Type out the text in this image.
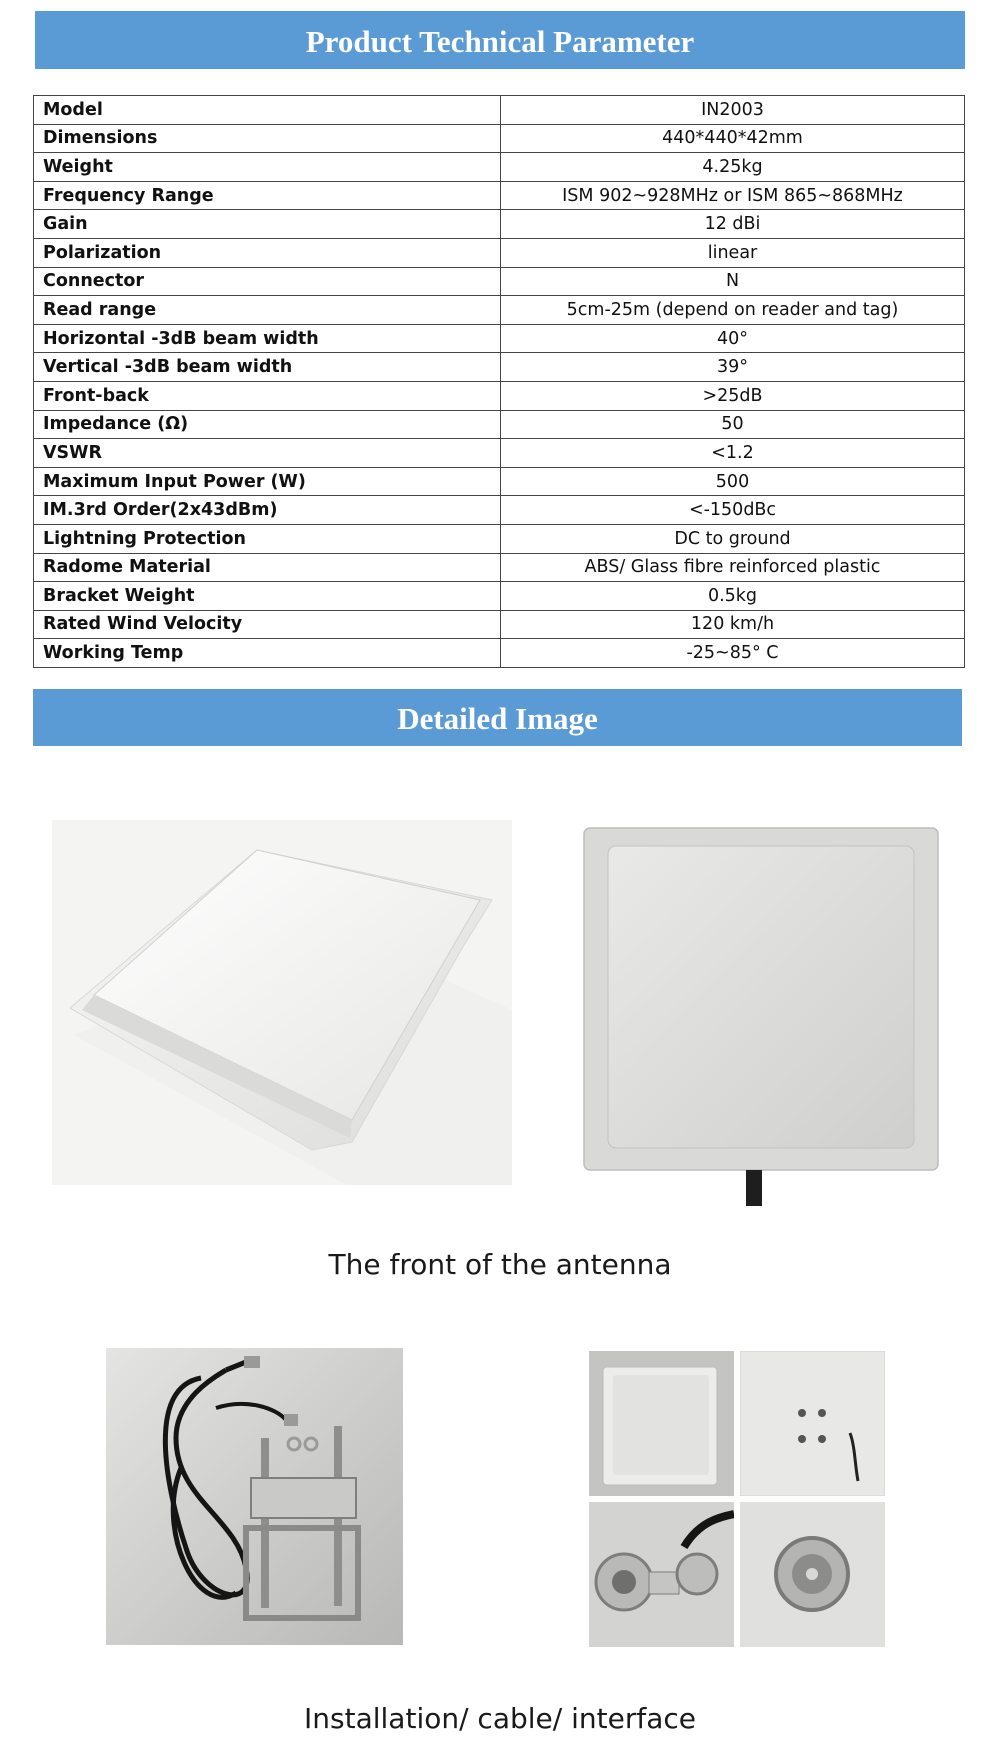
Product Technical Parameter
Model	IN2003
Dimensions	440*440*42mm
Weight	4.25kg
Frequency Range	ISM 902~928MHz or ISM 865~868MHz
Gain	12 dBi
Polarization	linear
Connector	N
Read range	5cm-25m (depend on reader and tag)
Horizontal -3dB beam width	40°
Vertical -3dB beam width	39°
Front-back	>25dB
Impedance (Ω)	50
VSWR	<1.2
Maximum Input Power (W)	500
IM.3rd Order(2x43dBm)	<-150dBc
Lightning Protection	DC to ground
Radome Material	ABS/ Glass fibre reinforced plastic
Bracket Weight	0.5kg
Rated Wind Velocity	120 km/h
Working Temp	-25~85° C
Detailed Image
The front of the antenna
Installation/ cable/ interface
